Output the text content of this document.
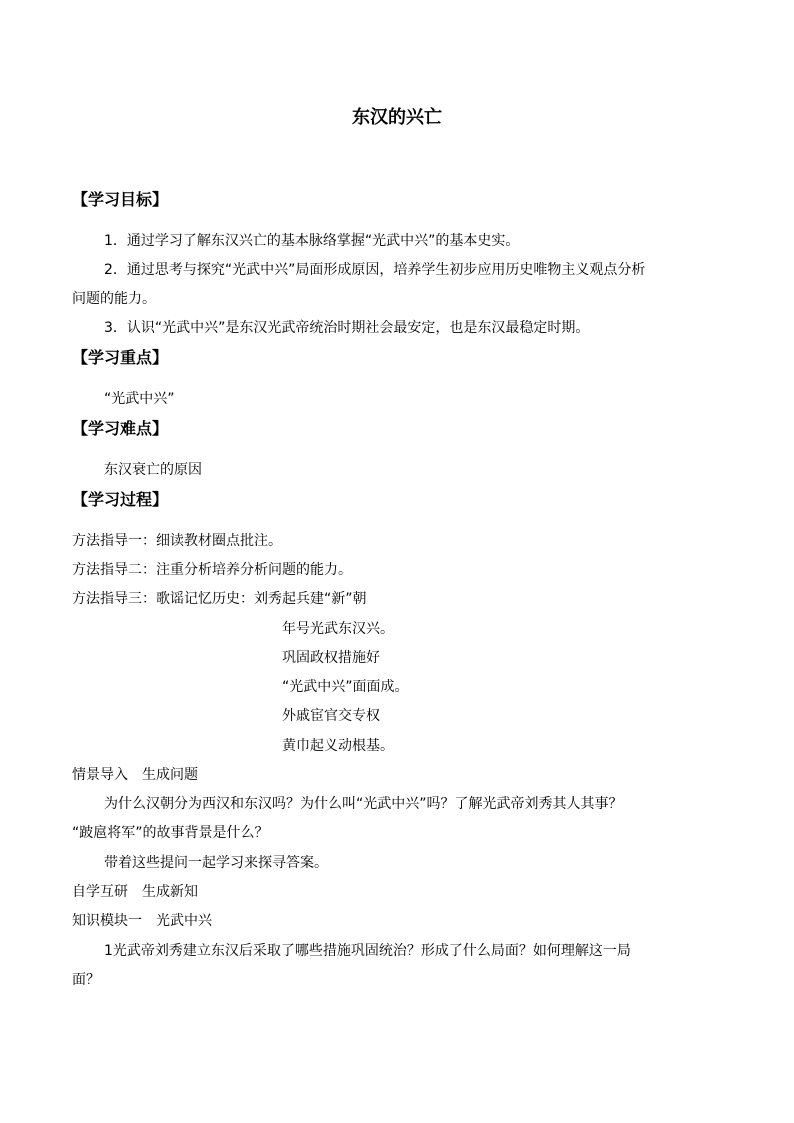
东汉的兴亡
【学习目标】
1．通过学习了解东汉兴亡的基本脉络掌握“光武中兴”的基本史实。
2．通过思考与探究“光武中兴”局面形成原因，培养学生初步应用历史唯物主义观点分析
问题的能力。
3．认识“光武中兴”是东汉光武帝统治时期社会最安定，也是东汉最稳定时期。
【学习重点】
“光武中兴”
【学习难点】
东汉衰亡的原因
【学习过程】
方法指导一：细读教材圈点批注。
方法指导二：注重分析培养分析问题的能力。
方法指导三：歌谣记忆历史：刘秀起兵建“新”朝
年号光武东汉兴。
巩固政权措施好
“光武中兴”面面成。
外戚宦官交专权
黄巾起义动根基。
情景导入　生成问题
为什么汉朝分为西汉和东汉吗？为什么叫“光武中兴”吗？了解光武帝刘秀其人其事？
“跛扈将军”的故事背景是什么？
带着这些提问一起学习来探寻答案。
自学互研　生成新知
知识模块一　光武中兴
1光武帝刘秀建立东汉后采取了哪些措施巩固统治？形成了什么局面？如何理解这一局
面？
